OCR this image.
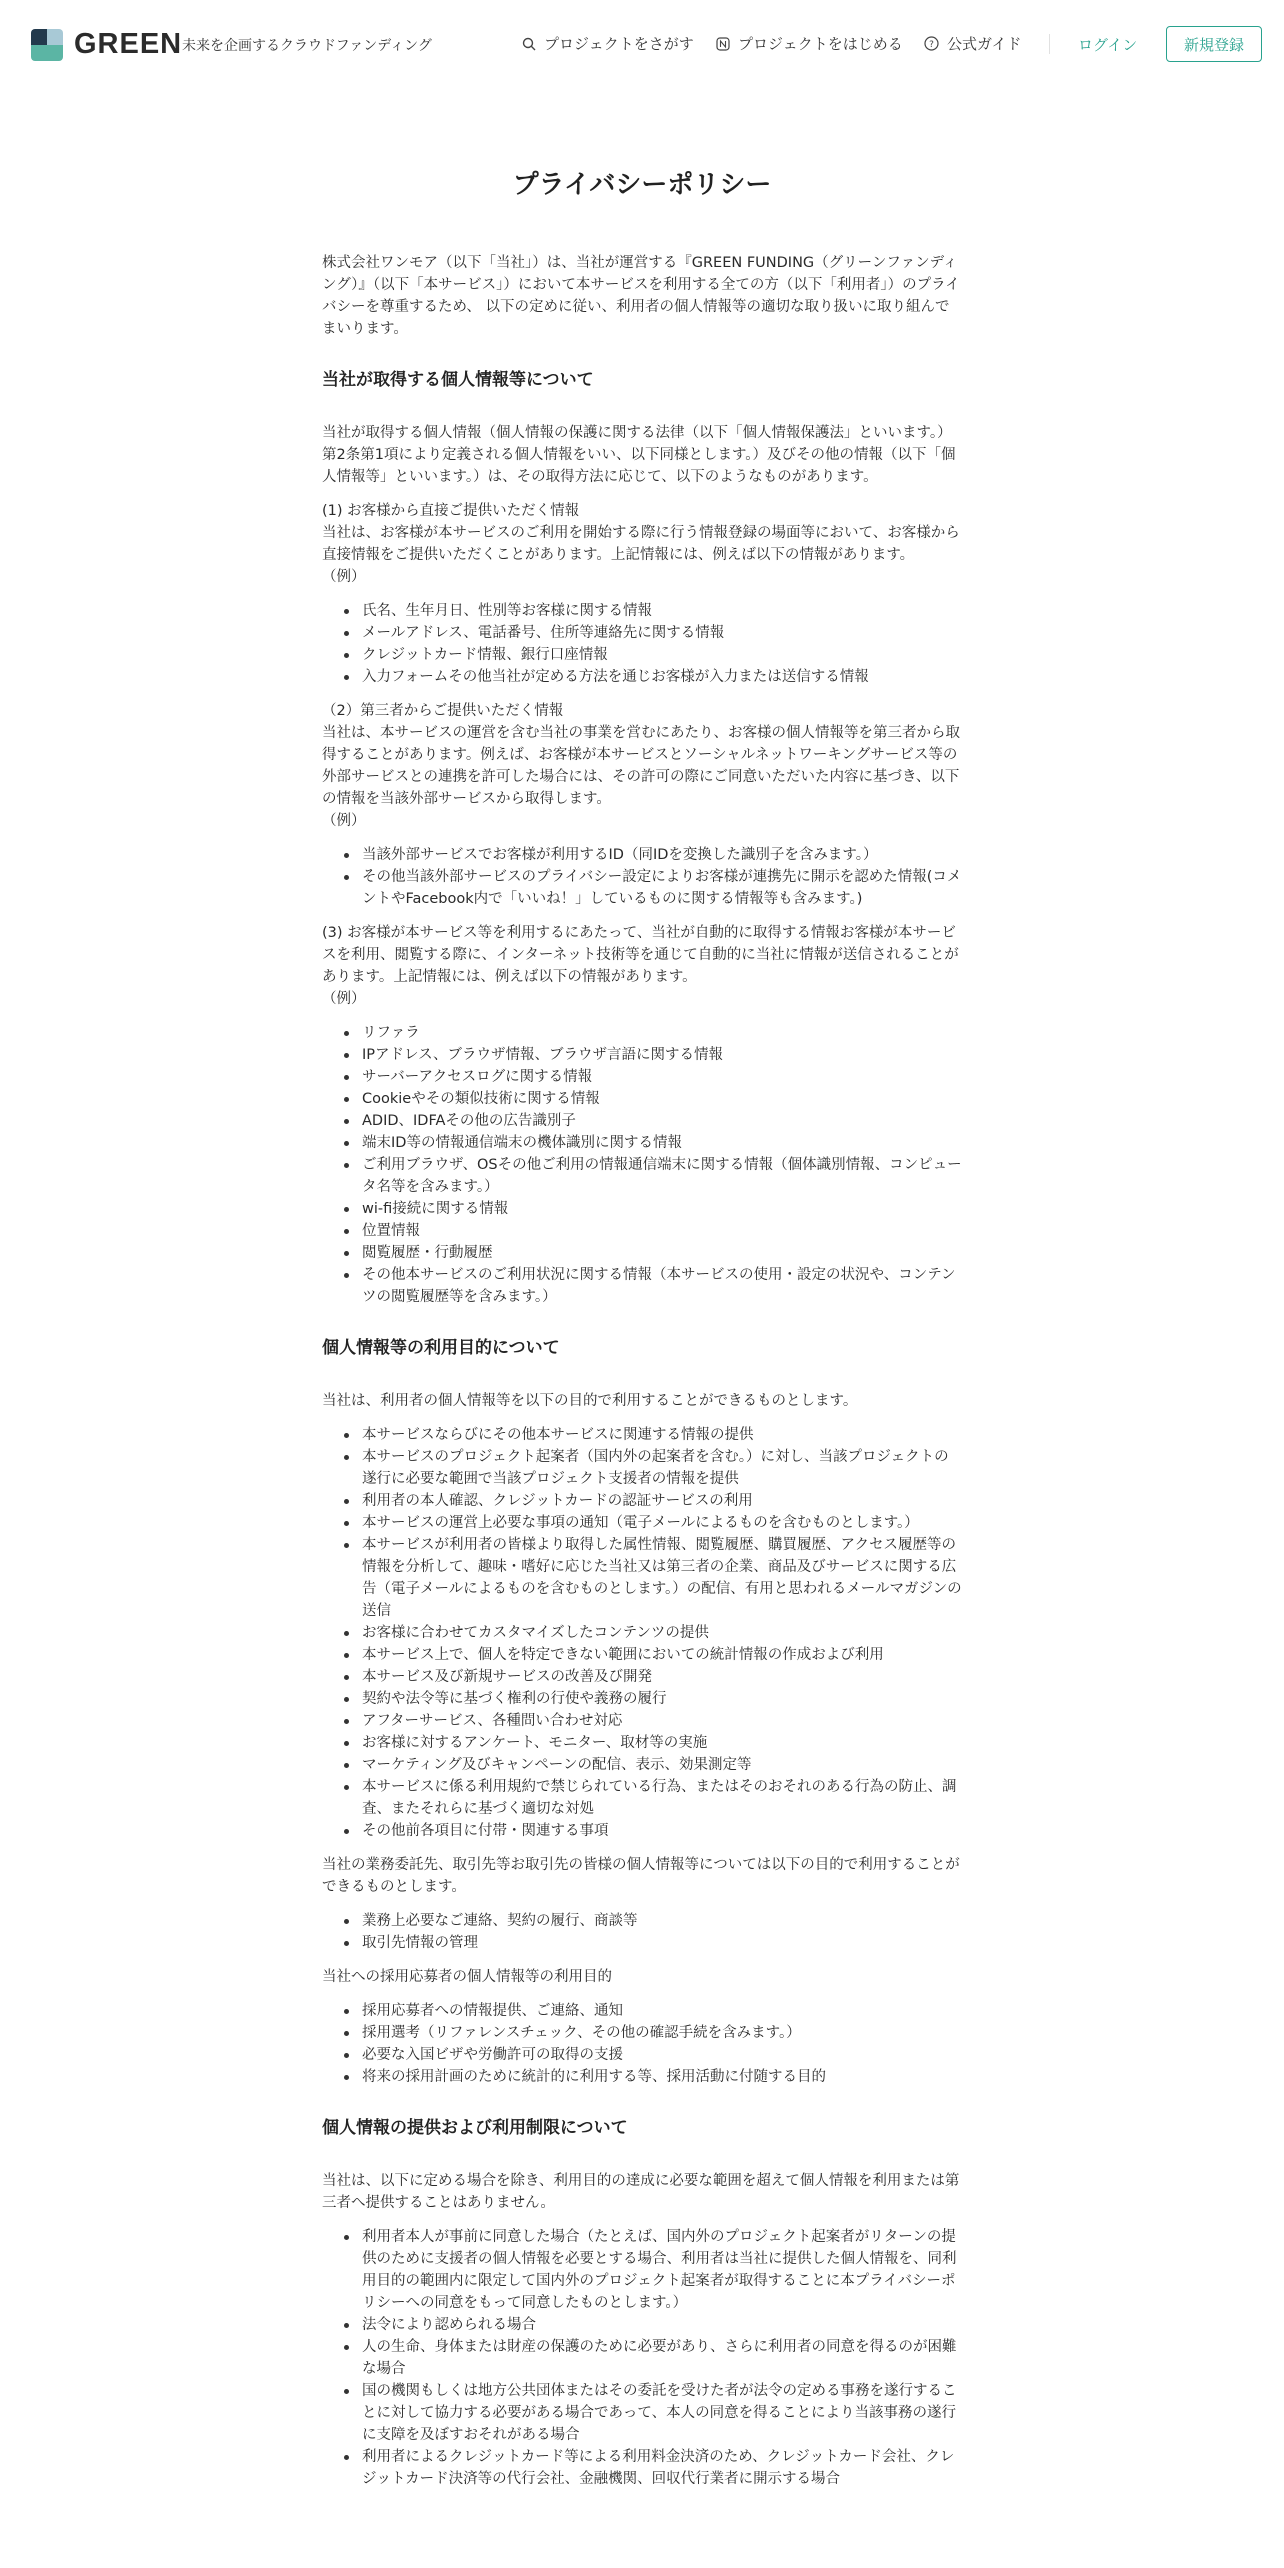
GREEN 未来を企画するクラウドファンディング	プロジェクトをさがす	プロジェクトをはじめる	? 公式ガイド	ログイン	新規登録
プライバシーポリシー

株式会社ワンモア（以下「当社」）は、当社が運営する『GREEN FUNDING（グリーンファンディング）』（以下「本サービス」）において本サービスを利用する全ての方（以下「利用者」）のプライバシーを尊重するため、 以下の定めに従い、利用者の個人情報等の適切な取り扱いに取り組んでまいります。

当社が取得する個人情報等について

当社が取得する個人情報（個人情報の保護に関する法律（以下「個人情報保護法」といいます。）第2条第1項により定義される個人情報をいい、以下同様とします。）及びその他の情報（以下「個人情報等」といいます。）は、その取得方法に応じて、以下のようなものがあります。

(1) お客様から直接ご提供いただく情報
当社は、お客様が本サービスのご利用を開始する際に行う情報登録の場面等において、お客様から直接情報をご提供いただくことがあります。上記情報には、例えば以下の情報があります。
（例）

氏名、生年月日、性別等お客様に関する情報
メールアドレス、電話番号、住所等連絡先に関する情報
クレジットカード情報、銀行口座情報
入力フォームその他当社が定める方法を通じお客様が入力または送信する情報

（2）第三者からご提供いただく情報
当社は、本サービスの運営を含む当社の事業を営むにあたり、お客様の個人情報等を第三者から取得することがあります。例えば、お客様が本サービスとソーシャルネットワーキングサービス等の外部サービスとの連携を許可した場合には、その許可の際にご同意いただいた内容に基づき、以下の情報を当該外部サービスから取得します。
（例）

当該外部サービスでお客様が利用するID（同IDを変換した識別子を含みます。）
その他当該外部サービスのプライバシー設定によりお客様が連携先に開示を認めた情報(コメントやFacebook内で「いいね！」しているものに関する情報等も含みます。)

(3) お客様が本サービス等を利用するにあたって、当社が自動的に取得する情報お客様が本サービスを利用、閲覧する際に、インターネット技術等を通じて自動的に当社に情報が送信されることがあります。上記情報には、例えば以下の情報があります。
（例）

リファラ
IPアドレス、ブラウザ情報、ブラウザ言語に関する情報
サーバーアクセスログに関する情報
Cookieやその類似技術に関する情報
ADID、IDFAその他の広告識別子
端末ID等の情報通信端末の機体識別に関する情報
ご利用ブラウザ、OSその他ご利用の情報通信端末に関する情報（個体識別情報、コンピュータ名等を含みます。）
wi-fi接続に関する情報
位置情報
閲覧履歴・行動履歴
その他本サービスのご利用状況に関する情報（本サービスの使用・設定の状況や、コンテンツの閲覧履歴等を含みます。）
個人情報等の利用目的について

当社は、利用者の個人情報等を以下の目的で利用することができるものとします。

本サービスならびにその他本サービスに関連する情報の提供
本サービスのプロジェクト起案者（国内外の起案者を含む。）に対し、当該プロジェクトの遂行に必要な範囲で当該プロジェクト支援者の情報を提供
利用者の本人確認、クレジットカードの認証サービスの利用
本サービスの運営上必要な事項の通知（電子メールによるものを含むものとします。）
本サービスが利用者の皆様より取得した属性情報、閲覧履歴、購買履歴、アクセス履歴等の情報を分析して、趣味・嗜好に応じた当社又は第三者の企業、商品及びサービスに関する広告（電子メールによるものを含むものとします。）の配信、有用と思われるメールマガジンの送信
お客様に合わせてカスタマイズしたコンテンツの提供
本サービス上で、個人を特定できない範囲においての統計情報の作成および利用
本サービス及び新規サービスの改善及び開発
契約や法令等に基づく権利の行使や義務の履行
アフターサービス、各種問い合わせ対応
お客様に対するアンケート、モニター、取材等の実施
マーケティング及びキャンペーンの配信、表示、効果測定等
本サービスに係る利用規約で禁じられている行為、またはそのおそれのある行為の防止、調査、またそれらに基づく適切な対処
その他前各項目に付帯・関連する事項

当社の業務委託先、取引先等お取引先の皆様の個人情報等については以下の目的で利用することができるものとします。

業務上必要なご連絡、契約の履行、商談等
取引先情報の管理

当社への採用応募者の個人情報等の利用目的

採用応募者への情報提供、ご連絡、通知
採用選考（リファレンスチェック、その他の確認手続を含みます。）
必要な入国ビザや労働許可の取得の支援
将来の採用計画のために統計的に利用する等、採用活動に付随する目的
個人情報の提供および利用制限について

当社は、以下に定める場合を除き、利用目的の達成に必要な範囲を超えて個人情報を利用または第三者へ提供することはありません。

利用者本人が事前に同意した場合（たとえば、国内外のプロジェクト起案者がリターンの提供のために支援者の個人情報を必要とする場合、利用者は当社に提供した個人情報を、同利用目的の範囲内に限定して国内外のプロジェクト起案者が取得することに本プライバシーポリシーへの同意をもって同意したものとします。）
法令により認められる場合
人の生命、身体または財産の保護のために必要があり、さらに利用者の同意を得るのが困難な場合
国の機関もしくは地方公共団体またはその委託を受けた者が法令の定める事務を遂行することに対して協力する必要がある場合であって、本人の同意を得ることにより当該事務の遂行に支障を及ぼすおそれがある場合
利用者によるクレジットカード等による利用料金決済のため、クレジットカード会社、クレジットカード決済等の代行会社、金融機関、回収代行業者に開示する場合
